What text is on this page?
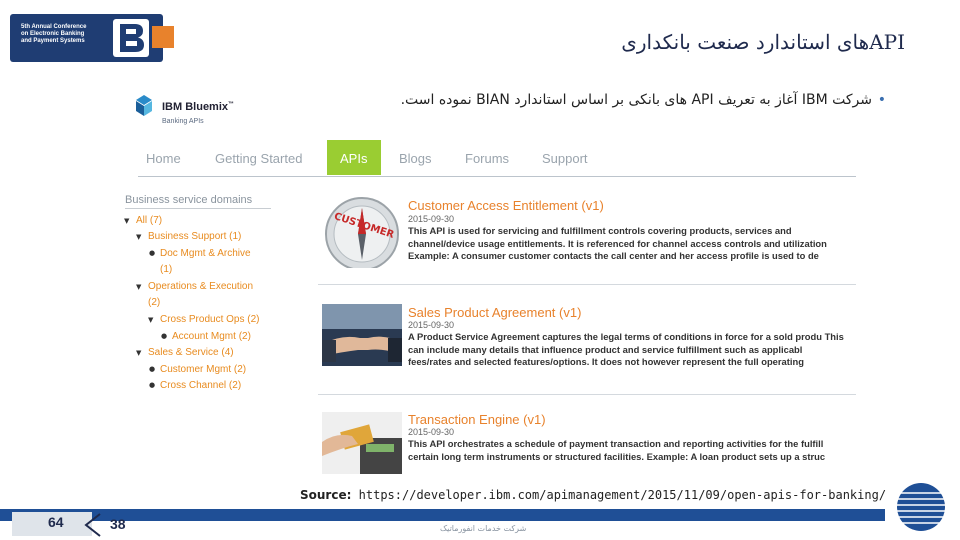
5th Annual Conference
on Electronic Banking
and Payment Systems	API‌های استاندارد صنعت بانکداری
•
شرکت IBM آغاز به تعریف API های بانکی بر اساس استاندارد BIAN نموده است.
IBM Bluemix™
Banking APIs
Home	Getting Started	APIs Blogs	Forums	Support
Business service domains
▼ All (7)
▼ Business Support (1)
● Doc Mgmt & Archive
(1)
▼ Operations & Execution
(2)
▼ Cross Product Ops (2)
● Account Mgmt (2)
▼ Sales & Service (4)
● Customer Mgmt (2)
● Cross Channel (2)
CUSTOMER
Customer Access Entitlement (v1)
2015-09-30
This API is used for servicing and fulfillment controls covering products, services and channel/device usage entitlements. It is referenced for channel access controls and utilization Example: A consumer customer contacts the call center and her access profile is used to de
Sales Product Agreement (v1)
2015-09-30
A Product Service Agreement captures the legal terms of conditions in force for a sold produ This can include many details that influence product and service fulfillment such as applicabl fees/rates and selected features/options. It does not however represent the full operating
Transaction Engine (v1)
2015-09-30
This API orchestrates a schedule of payment transaction and reporting activities for the fulfill certain long term instruments or structured facilities. Example: A loan product sets up a struc
Source: https://developer.ibm.com/apimanagement/2015/11/09/open-apis-for-banking/
64	38	شرکت خدمات انفورماتیک
